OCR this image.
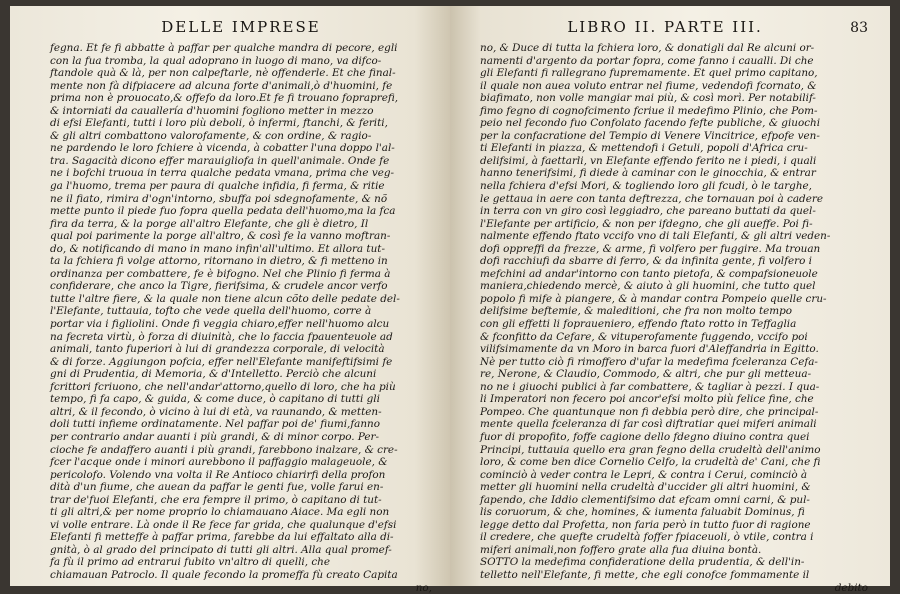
DELLE IMPRESE
fegna. Et fe fi abbatte à paffar per qualche mandra di pecore, egli
con la fua tromba, la qual adoprano in luogo di mano, va difco-
ftandole quà & là, per non calpeftarle, nè offenderle. Et che final-
mente non fà difpiacere ad alcuna forte d'animali,ò d'huomini, fe
prima non è prouocato,& offefo da loro.Et fe fi trouano fopraprefi,
& intorniati da cauallería d'huomini fogliono metter in mezzo
di efsi Elefanti, tutti i loro più deboli, ò infermi, ftanchi, & feriti,
& gli altri combattono valorofamente, & con ordine, & ragio-
ne pardendo le loro fchiere à vicenda, à cobatter l'una doppo l'al-
tra. Sagacità dicono effer marauigliofa in quell'animale. Onde fe
ne i bofchi truoua in terra qualche pedata vmana, prima che veg-
ga l'huomo, trema per paura di qualche infidia, fi ferma, & ritie
ne il fiato, rimira d'ogn'intorno, sbuffa poi sdegnofamente, & nõ
mette punto il piede fuo fopra quella pedata dell'huomo,ma la fca
fira da terra, & la porge all'altro Elefante, che gli è dietro, Il
qual poi parimente la porge all'altro, & così fe la vanno moftran-
do, & notificando di mano in mano infin'all'ultimo. Et allora tut-
ta la fchiera fi volge attorno, ritornano in dietro, & fi metteno in
ordinanza per combattere, fe è bifogno. Nel che Plinio fi ferma à
confiderare, che anco la Tigre, fierifsima, & crudele ancor verfo
tutte l'altre fiere, & la quale non tiene alcun cõto delle pedate del-
l'Elefante, tuttauia, tofto che vede quella dell'huomo, corre à
portar via i figliolini. Onde fi veggia chiaro,effer nell'huomo alcu
na fecreta virtù, ò forza di diuinità, che lo faccia fpauenteuole ad
animali, tanto fuperiori à lui di grandezza corporale, di velocità
& di forze. Aggiungon pofcia, effer nell'Elefante manifeftifsimi fe
gni di Prudentia, di Memoria, & d'Intelletto. Perciò che alcuni
fcrittori fcriuono, che nell'andar'attorno,quello di loro, che ha più
tempo, fi fa capo, & guida, & come duce, ò capitano di tutti gli
altri, & il fecondo, ò vicino à lui di età, va raunando, & metten-
doli tutti infieme ordinatamente. Nel paffar poi de' fiumi,fanno
per contrario andar auanti i più grandi, & di minor corpo. Per-
cioche fe andaffero auanti i più grandi, farebbono inalzare, & cre-
fcer l'acque onde i minori aurebbono il paffaggio malageuole, &
pericolofo. Volendo vna volta il Re Antioco chiarirfi della profon
dità d'un fiume, che auean da paffar le genti fue, volle farui en-
trar de'fuoi Elefanti, che era fempre il primo, ò capitano di tut-
ti gli altri,& per nome proprio lo chiamauano Aiace. Ma egli non
vi volle entrare. Là onde il Re fece far grida, che qualunque d'efsi
Elefanti fi metteffe à paffar prima, farebbe da lui effaltato alla di-
gnità, ò al grado del principato di tutti gli altri. Alla qual promef-
fa fù il primo ad entrarui fubito vn'altro di quelli, che
chiamauan Patroclo. Il quale fecondo la promeffa fù creato Capita
no,
LIBRO II. PARTE III.	83
no, & Duce di tutta la fchiera loro, & donatigli dal Re alcuni or-
namenti d'argento da portar fopra, come fanno i caualli. Di che
gli Elefanti fi rallegrano fupremamente. Et quel primo capitano,
il quale non auea voluto entrar nel fiume, vedendofi fcornato, &
biafimato, non volle mangiar mai più, & così morì. Per notabilif-
fimo fegno di cognofcimento fcriue il medefimo Plinio, che Pom-
peio nel fecondo fuo Confolato facendo fefte publiche, & giuochi
per la confacratione del Tempio di Venere Vincitrice, efpofe ven-
ti Elefanti in piazza, & mettendofi i Getuli, popoli d'Africa cru-
delifsimi, à faettarli, vn Elefante effendo ferito ne i piedi, i quali
hanno tenerifsimi, fi diede à caminar con le ginocchia, & entrar
nella fchiera d'efsi Mori, & togliendo loro gli fcudi, ò le targhe,
le gettaua in aere con tanta deftrezza, che tornauan poi à cadere
in terra con vn giro così leggiadro, che pareano buttati da quel-
l'Elefante per artificio, & non per ifdegno, che gli aueffe. Poi fi-
nalmente effendo ftato vccifo vno di tali Elefanti, & gli altri veden-
dofi oppreffi da frezze, & arme, fi volfero per fuggire. Ma trouan
dofi racchiufi da sbarre di ferro, & da infinita gente, fi volfero i
mefchini ad andar'intorno con tanto pietofa, & compafsioneuole
maniera,chiedendo mercè, & aiuto à gli huomini, che tutto quel
popolo fi mife à piangere, & à mandar contra Pompeio quelle cru-
delifsime beftemie, & maleditioni, che fra non molto tempo
con gli effetti li fopraueniero, effendo ftato rotto in Teffaglia
& fconfitto da Cefare, & vituperofamente fuggendo, vccifo poi
vilifsimamente da vn Moro in barca fuori d'Aleffandria in Egitto.
Nè per tutto ciò fi rimoffero d'ufar la medefima fceleranza Cefa-
re, Nerone, & Claudio, Commodo, & altri, che pur gli metteua-
no ne i giuochi publici à far combattere, & tagliar à pezzi. I qua-
li Imperatori non fecero poi ancor'efsi molto più felice fine, che
Pompeo. Che quantunque non fi debbia però dire, che principal-
mente quella fceleranza di far così diftratiar quei miferi animali
fuor di propofito, foffe cagione dello fdegno diuino contra quei
Principi, tuttauia quello era gran fegno della crudeltà dell'animo
loro, & come ben dice Cornelio Celfo, la crudeltà de' Cani, che fi
cominciò à veder contra le Lepri, & contra i Cerui, cominciò à
metter gli huomini nella crudeltà d'uccider gli altri huomini, &
fapendo, che Iddio clementifsimo dat efcam omni carni, & pul-
lis coruorum, & che, homines, & iumenta faluabit Dominus, fi
legge detto dal Profetta, non faria però in tutto fuor di ragione
il credere, che quefte crudeltà foffer fpiaceuoli, ò vtile, contra i
miferi animali,non foffero grate alla fua diuina bontà.
SOTTO la medefima confideratione della prudentia, & dell'in-
telletto nell'Elefante, fi mette, che egli conofce fommamente il
debito
